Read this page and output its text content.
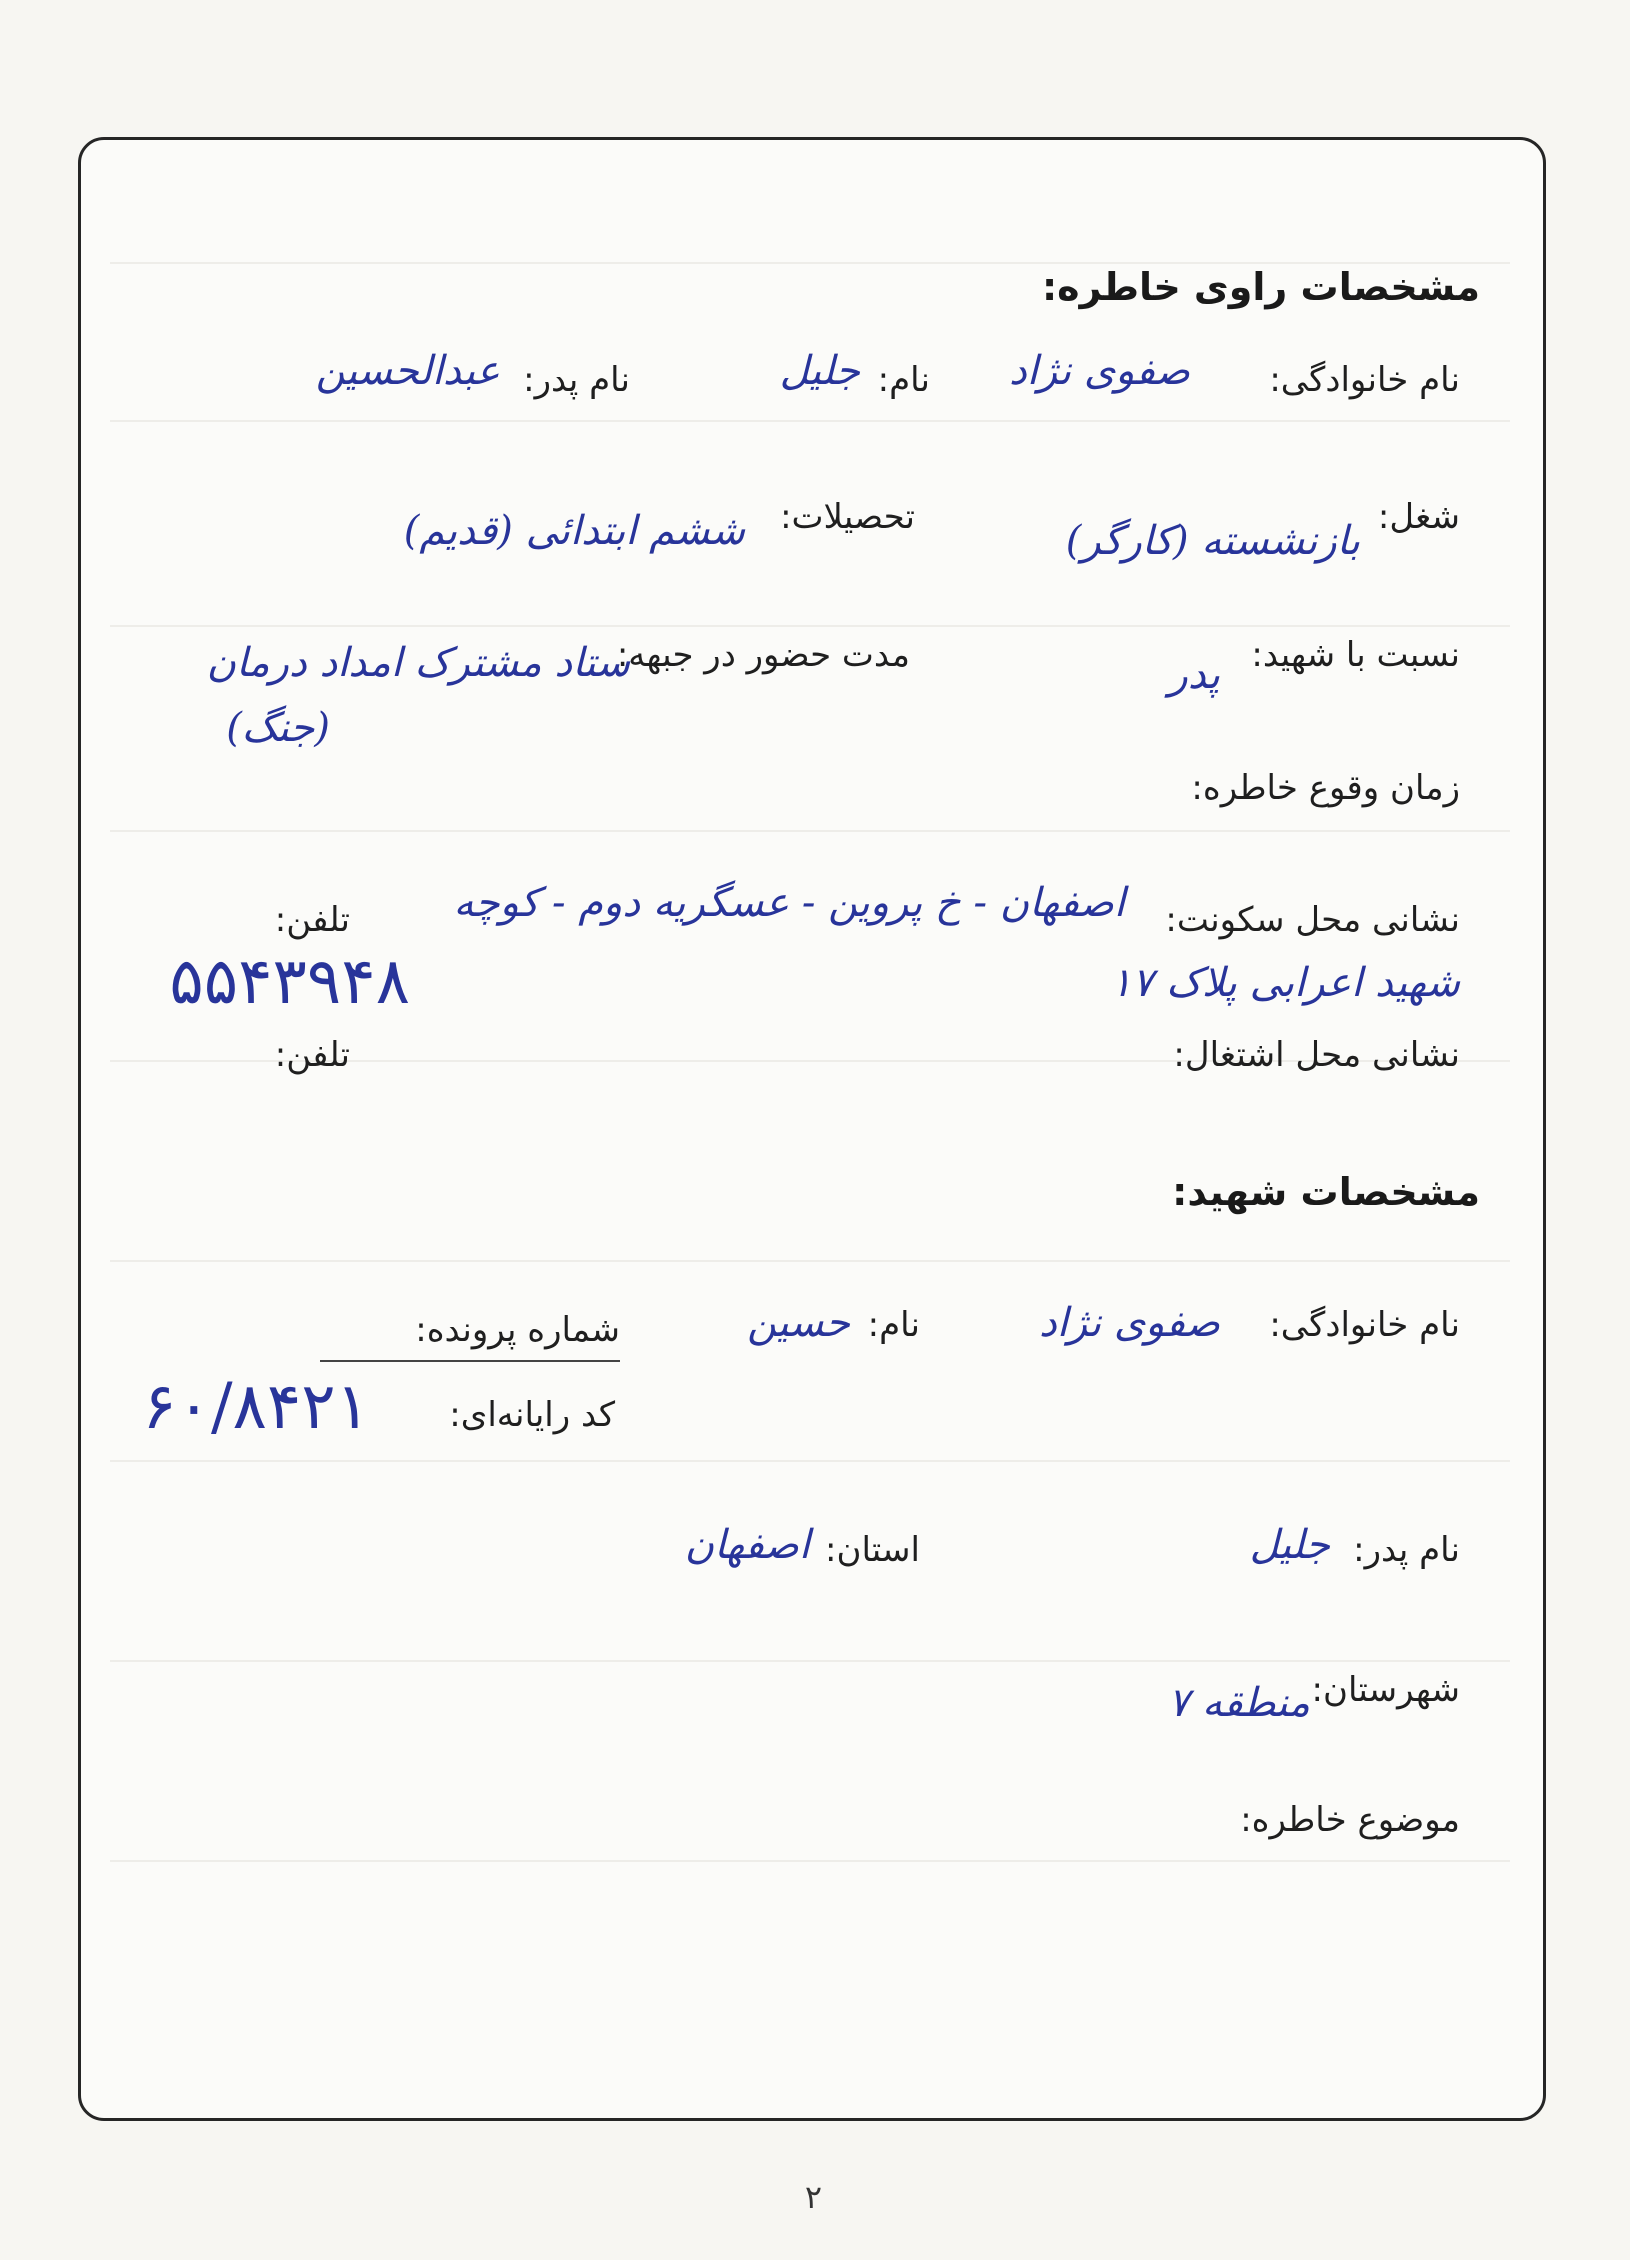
مشخصات راوی خاطره:
نام خانوادگی:
صفوی نژاد
نام:
جلیل
نام پدر:
عبدالحسین
شغل:
بازنشسته (کارگر)
تحصیلات:
ششم ابتدائی (قدیم)
نسبت با شهید:
پدر
مدت حضور در جبهه:
ستاد مشترک امداد درمان
(جنگ)
زمان وقوع خاطره:
نشانی محل سکونت:
اصفهان - خ پروین - عسگریه دوم - کوچه
شهید اعرابی پلاک ۱۷
تلفن:
۵۵۴۳۹۴۸
نشانی محل اشتغال:
تلفن:
مشخصات شهید:
نام خانوادگی:
صفوی نژاد
نام:
حسین
شماره پرونده:
کد رایانه‌ای:
۶۰/۸۴۲۱
نام پدر:
جلیل
استان:
اصفهان
شهرستان:
منطقه ۷
موضوع خاطره:
۲
